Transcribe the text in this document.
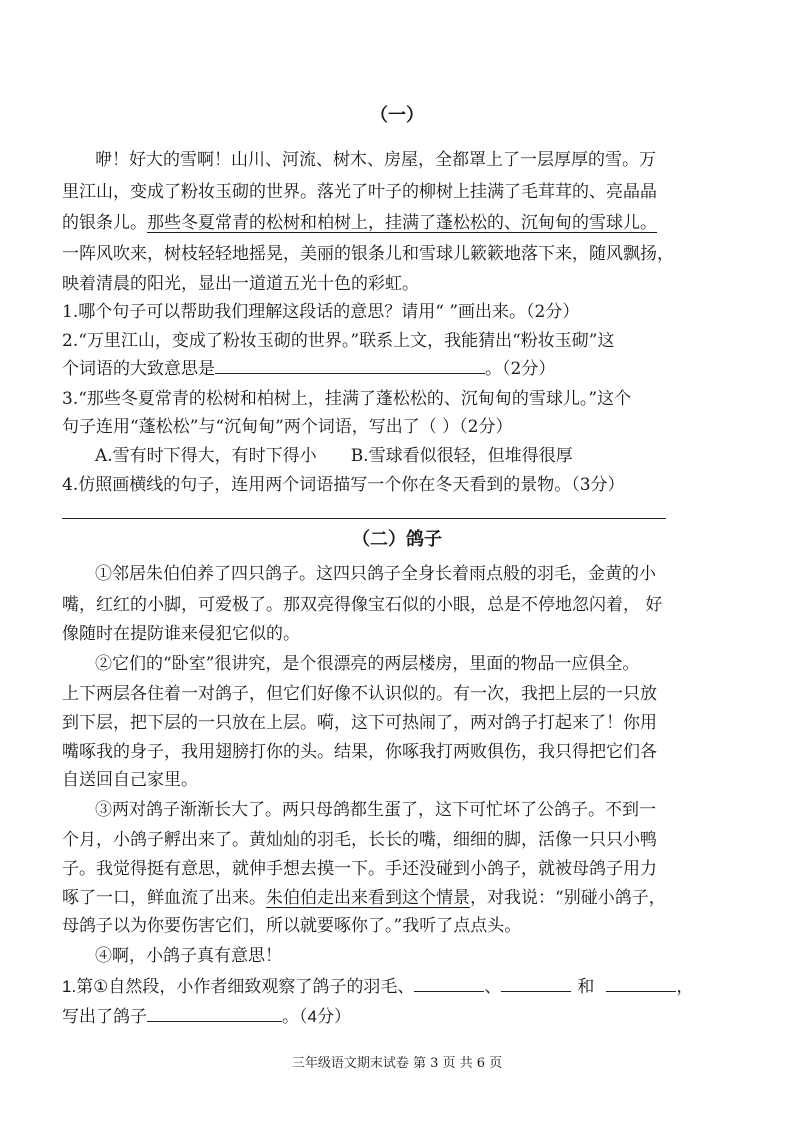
（一）
咿！好大的雪啊！山川、河流、树木、房屋，全都罩上了一层厚厚的雪。万
里江山，变成了粉妆玉砌的世界。落光了叶子的柳树上挂满了毛茸茸的、亮晶晶
的银条儿。那些冬夏常青的松树和柏树上，挂满了蓬松松的、沉甸甸的雪球儿。
一阵风吹来，树枝轻轻地摇晃，美丽的银条儿和雪球儿簌簌地落下来，随风飘扬，
映着清晨的阳光，显出一道道五光十色的彩虹。
1.哪个句子可以帮助我们理解这段话的意思？请用“ ”画出来。（2分）
2.“万里江山，变成了粉妆玉砌的世界。”联系上文，我能猜出“粉妆玉砌”这
个词语的大致意思是	。（2分）
3.“那些冬夏常青的松树和柏树上，挂满了蓬松松的、沉甸甸的雪球儿。”这个
句子连用“蓬松松”与“沉甸甸”两个词语，写出了（ ）（2分）
A.雪有时下得大，有时下得小 B.雪球看似很轻，但堆得很厚
4.仿照画横线的句子，连用两个词语描写一个你在冬天看到的景物。（3分）
（二）鸽子
①邻居朱伯伯养了四只鸽子。这四只鸽子全身长着雨点般的羽毛，金黄的小
嘴，红红的小脚，可爱极了。那双亮得像宝石似的小眼，总是不停地忽闪着， 好
像随时在提防谁来侵犯它似的。
②它们的“卧室”很讲究，是个很漂亮的两层楼房，里面的物品一应俱全。
上下两层各住着一对鸽子，但它们好像不认识似的。有一次，我把上层的一只放
到下层，把下层的一只放在上层。嗬，这下可热闹了，两对鸽子打起来了！你用
嘴啄我的身子，我用翅膀打你的头。结果，你啄我打两败俱伤，我只得把它们各
自送回自己家里。
③两对鸽子渐渐长大了。两只母鸽都生蛋了，这下可忙坏了公鸽子。不到一
个月，小鸽子孵出来了。黄灿灿的羽毛，长长的嘴，细细的脚，活像一只只小鸭
子。我觉得挺有意思，就伸手想去摸一下。手还没碰到小鸽子，就被母鸽子用力
啄了一口，鲜血流了出来。朱伯伯走出来看到这个情景，对我说：“别碰小鸽子，
母鸽子以为你要伤害它们，所以就要啄你了。”我听了点点头。
④啊，小鸽子真有意思！
1.第①自然段，小作者细致观察了鸽子的羽毛、	、	和	，
写出了鸽子	。（4分）
三年级语文期末试卷 第 3 页 共 6 页
